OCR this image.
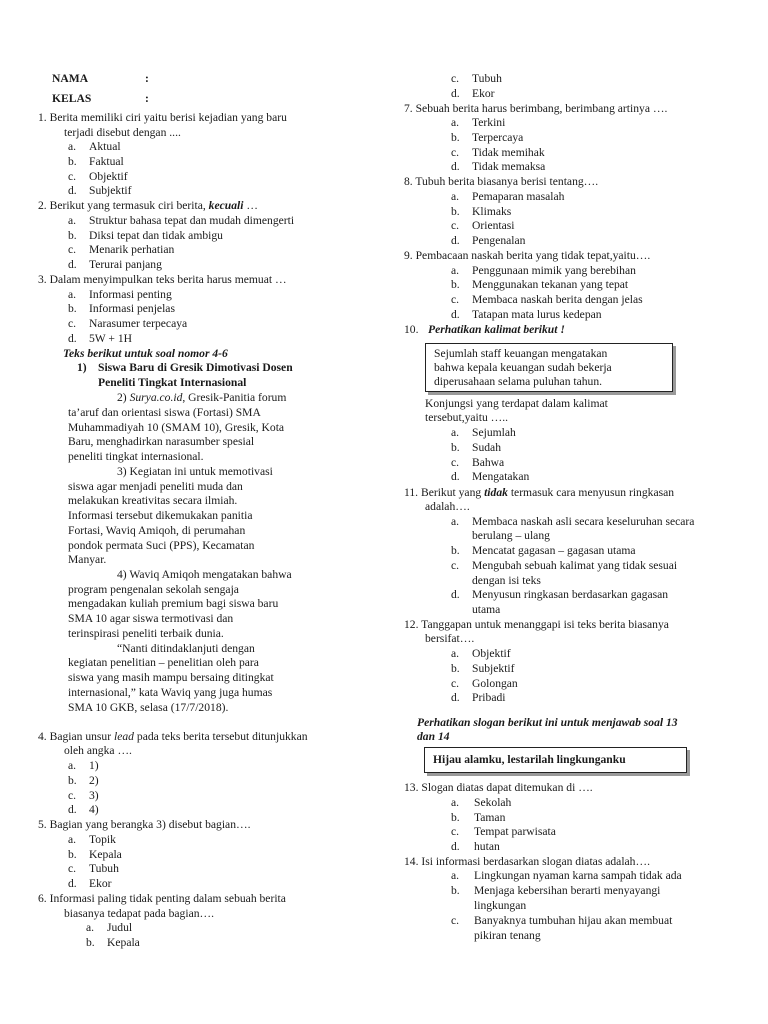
NAMA	:
KELAS	:
1. Berita memiliki ciri yaitu berisi kejadian yang baru
terjadi disebut dengan ....
a. Aktual
b. Faktual
c. Objektif
d. Subjektif
2. Berikut yang termasuk ciri berita, kecuali …
a. Struktur bahasa tepat dan mudah dimengerti
b. Diksi tepat dan tidak ambigu
c. Menarik perhatian
d. Terurai panjang
3. Dalam menyimpulkan teks berita harus memuat …
a. Informasi penting
b. Informasi penjelas
c. Narasumer terpecaya
d. 5W + 1H
Teks berikut untuk soal nomor 4-6
1) Siswa Baru di Gresik Dimotivasi Dosen
Peneliti Tingkat Internasional
2) Surya.co.id, Gresik-Panitia forum
ta’aruf dan orientasi siswa (Fortasi) SMA
Muhammadiyah 10 (SMAM 10), Gresik, Kota
Baru, menghadirkan narasumber spesial
peneliti tingkat internasional.
3) Kegiatan ini untuk memotivasi
siswa agar menjadi peneliti muda dan
melakukan kreativitas secara ilmiah.
Informasi tersebut dikemukakan panitia
Fortasi, Waviq Amiqoh, di perumahan
pondok permata Suci (PPS), Kecamatan
Manyar.
4) Waviq Amiqoh mengatakan bahwa
program pengenalan sekolah sengaja
mengadakan kuliah premium bagi siswa baru
SMA 10 agar siswa termotivasi dan
terinspirasi peneliti terbaik dunia.
“Nanti ditindaklanjuti dengan
kegiatan penelitian – penelitian oleh para
siswa yang masih mampu bersaing ditingkat
internasional,” kata Waviq yang juga humas
SMA 10 GKB, selasa (17/7/2018).
4. Bagian unsur lead pada teks berita tersebut ditunjukkan
oleh angka ….
a. 1)
b. 2)
c. 3)
d. 4)
5. Bagian yang berangka 3) disebut bagian….
a. Topik
b. Kepala
c. Tubuh
d. Ekor
6. Informasi paling tidak penting dalam sebuah berita
biasanya tedapat pada bagian….
a. Judul
b. Kepala
c. Tubuh
d. Ekor
7. Sebuah berita harus berimbang, berimbang artinya ….
a. Terkini
b. Terpercaya
c. Tidak memihak
d. Tidak memaksa
8. Tubuh berita biasanya berisi tentang….
a. Pemaparan masalah
b. Klimaks
c. Orientasi
d. Pengenalan
9. Pembacaan naskah berita yang tidak tepat,yaitu….
a. Penggunaan mimik yang berebihan
b. Menggunakan tekanan yang tepat
c. Membaca naskah berita dengan jelas
d. Tatapan mata lurus kedepan
10. Perhatikan kalimat berikut !
Sejumlah staff keuangan mengatakan
bahwa kepala keuangan sudah bekerja
diperusahaan selama puluhan tahun.
Konjungsi yang terdapat dalam kalimat
tersebut,yaitu …..
a. Sejumlah
b. Sudah
c. Bahwa
d. Mengatakan
11. Berikut yang tidak termasuk cara menyusun ringkasan
adalah….
a. Membaca naskah asli secara keseluruhan secara
berulang – ulang
b. Mencatat gagasan – gagasan utama
c. Mengubah sebuah kalimat yang tidak sesuai
dengan isi teks
d. Menyusun ringkasan berdasarkan gagasan
utama
12. Tanggapan untuk menanggapi isi teks berita biasanya
bersifat….
a. Objektif
b. Subjektif
c. Golongan
d. Pribadi
Perhatikan slogan berikut ini untuk menjawab soal 13
dan 14
Hijau alamku, lestarilah lingkunganku
13. Slogan diatas dapat ditemukan di ….
a. Sekolah
b. Taman
c. Tempat parwisata
d. hutan
14. Isi informasi berdasarkan slogan diatas adalah….
a. Lingkungan nyaman karna sampah tidak ada
b. Menjaga kebersihan berarti menyayangi
lingkungan
c. Banyaknya tumbuhan hijau akan membuat
pikiran tenang
